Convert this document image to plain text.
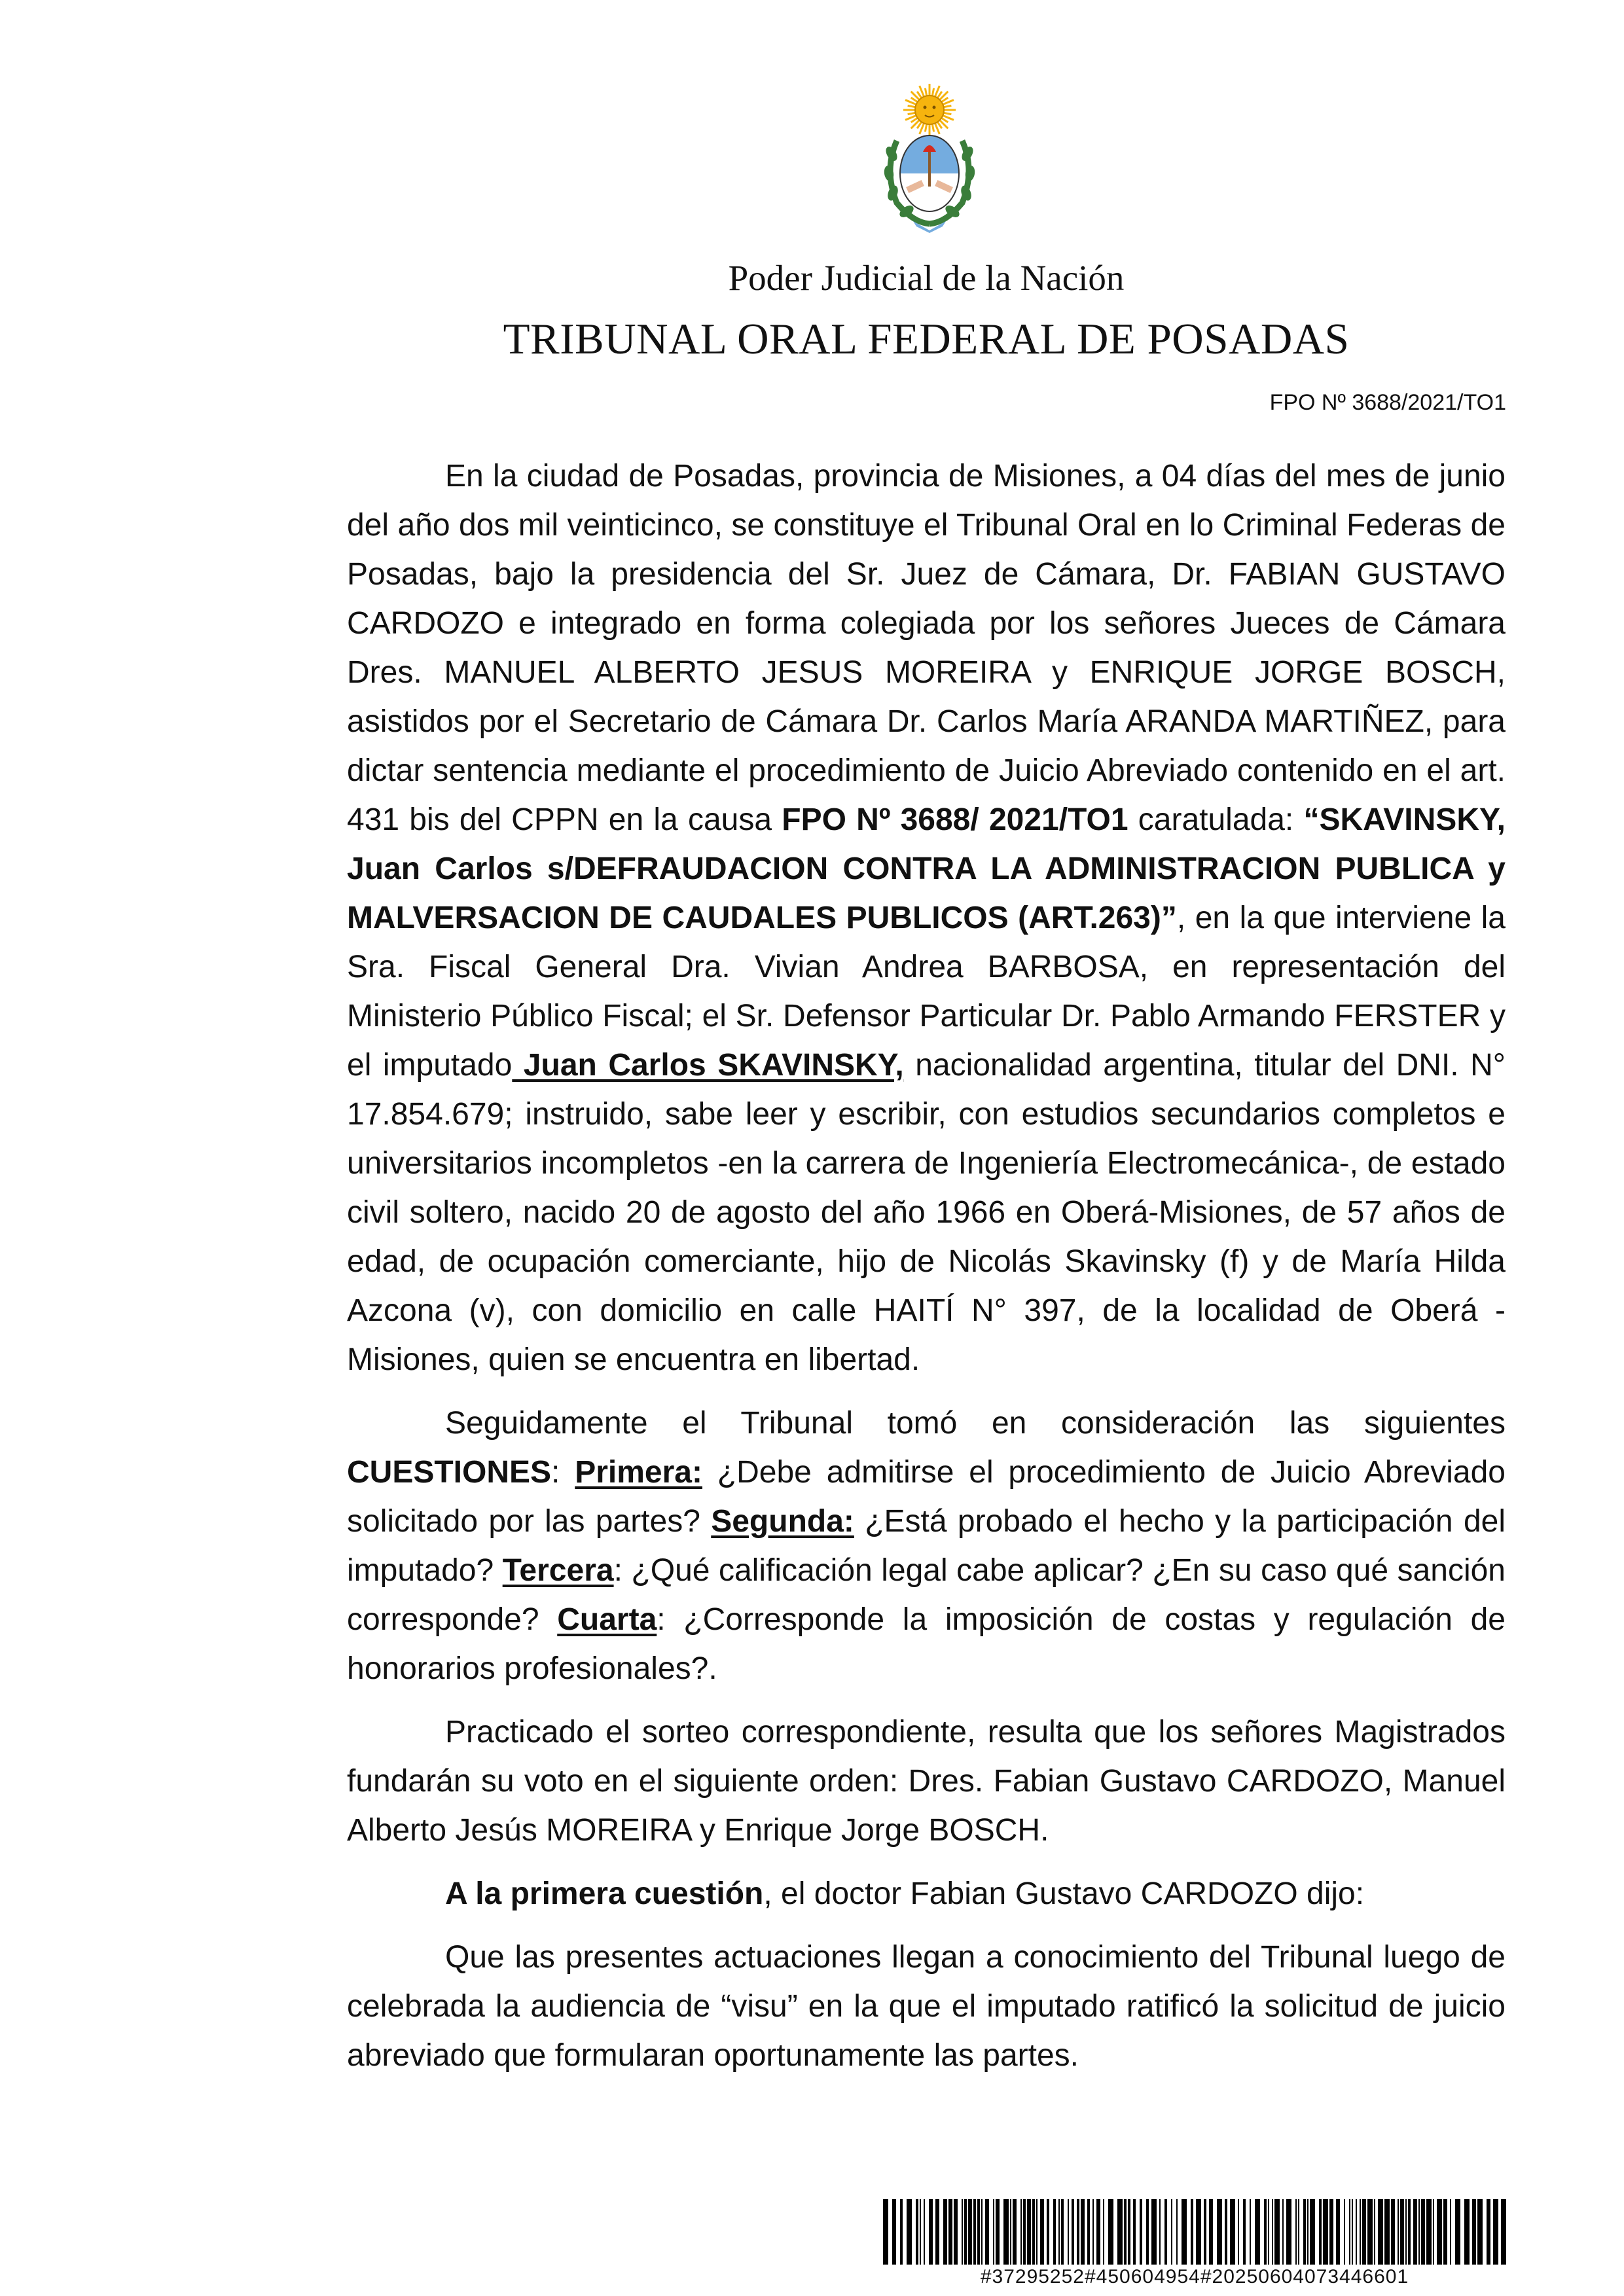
Poder Judicial de la Nación
TRIBUNAL ORAL FEDERAL DE POSADAS
FPO Nº 3688/2021/TO1

En la ciudad de Posadas, provincia de Misiones, a 04 días del mes de junio del año dos mil veinticinco, se constituye el Tribunal Oral en lo Criminal Federas de Posadas, bajo la presidencia del Sr. Juez de Cámara, Dr. FABIAN GUSTAVO CARDOZO e integrado en forma colegiada por los señores Jueces de Cámara Dres. MANUEL ALBERTO JESUS MOREIRA y ENRIQUE JORGE BOSCH, asistidos por el Secretario de Cámara Dr. Carlos María ARANDA MARTIÑEZ, para dictar sentencia mediante el procedimiento de Juicio Abreviado contenido en el art. 431 bis del CPPN en la causa FPO Nº 3688/ 2021/TO1 caratulada: “SKAVINSKY, Juan Carlos s/DEFRAUDACION CONTRA LA ADMINISTRACION PUBLICA y MALVERSACION DE CAUDALES PUBLICOS (ART.263)”, en la que interviene la Sra. Fiscal General Dra. Vivian Andrea BARBOSA, en representación del Ministerio Público Fiscal; el Sr. Defensor Particular Dr. Pablo Armando FERSTER y el imputado Juan Carlos SKAVINSKY, nacionalidad argentina, titular del DNI. N° 17.854.679; instruido, sabe leer y escribir, con estudios secundarios completos e universitarios incompletos -en la carrera de Ingeniería Electromecánica-, de estado civil soltero, nacido 20 de agosto del año 1966 en Oberá-Misiones, de 57 años de edad, de ocupación comerciante, hijo de Nicolás Skavinsky (f) y de María Hilda Azcona (v), con domicilio en calle HAITÍ N° 397, de la localidad de Oberá -Misiones, quien se encuentra en libertad.

Seguidamente el Tribunal tomó en consideración las siguientes CUESTIONES: Primera: ¿Debe admitirse el procedimiento de Juicio Abreviado solicitado por las partes? Segunda: ¿Está probado el hecho y la participación del imputado? Tercera: ¿Qué calificación legal cabe aplicar? ¿En su caso qué sanción corresponde? Cuarta: ¿Corresponde la imposición de costas y regulación de honorarios profesionales?.

Practicado el sorteo correspondiente, resulta que los señores Magistrados fundarán su voto en el siguiente orden: Dres. Fabian Gustavo CARDOZO, Manuel Alberto Jesús MOREIRA y Enrique Jorge BOSCH.

A la primera cuestión, el doctor Fabian Gustavo CARDOZO dijo:

Que las presentes actuaciones llegan a conocimiento del Tribunal luego de celebrada la audiencia de “visu” en la que el imputado ratificó la solicitud de juicio abreviado que formularan oportunamente las partes.

#37295252#450604954#20250604073446601
